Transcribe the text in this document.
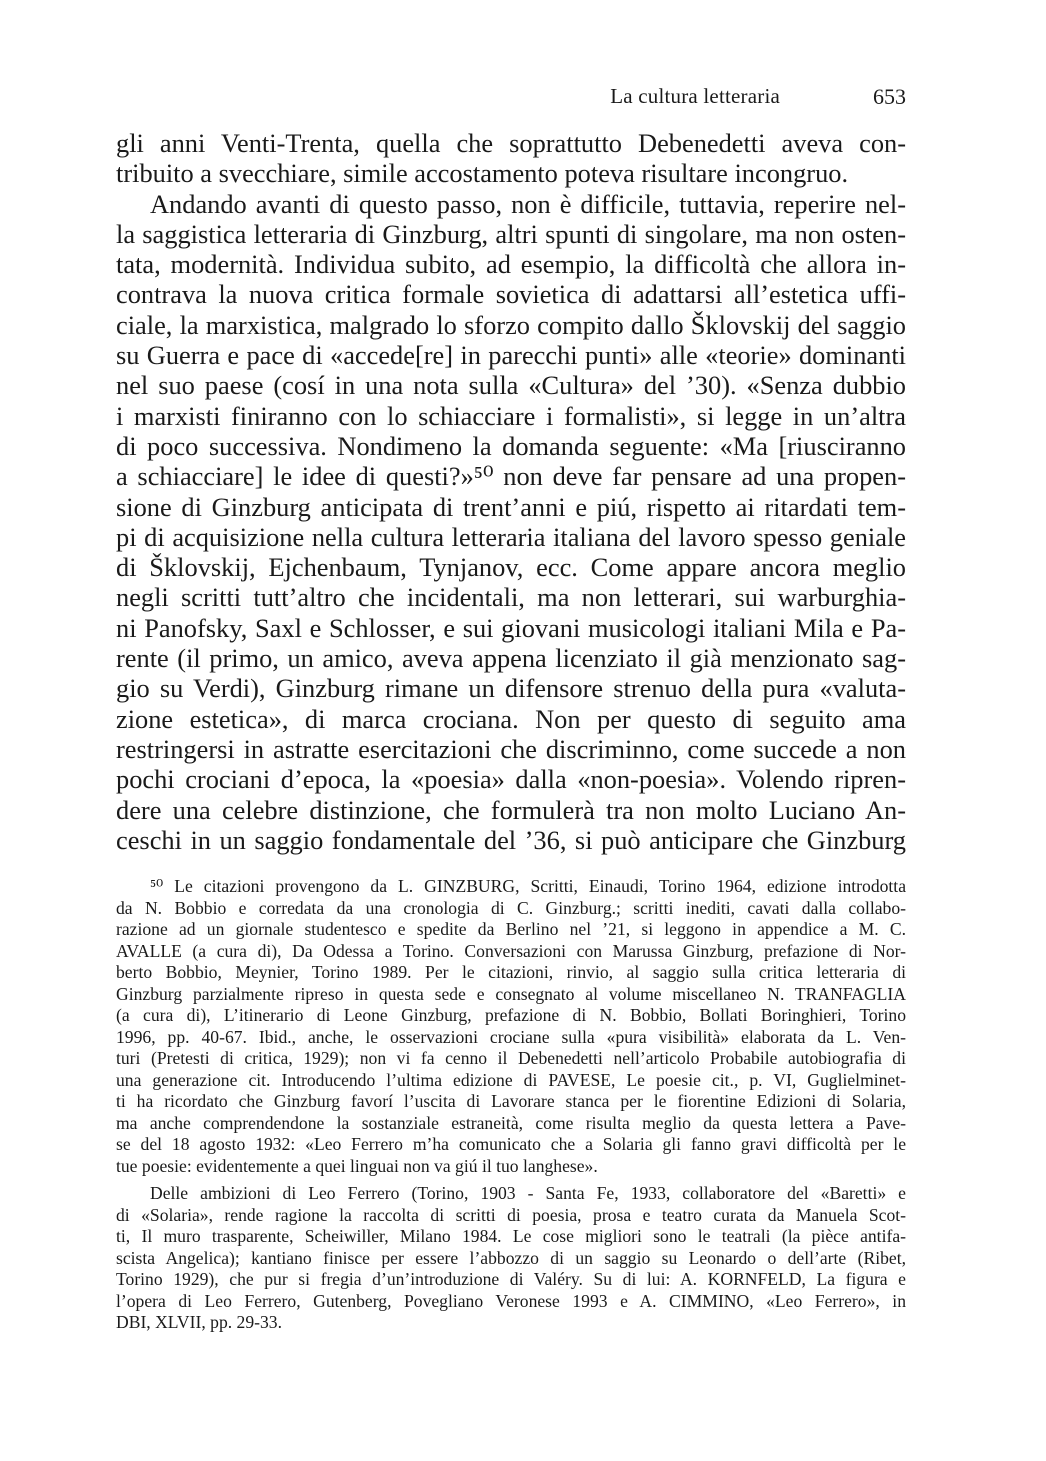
La cultura letteraria	653
gli anni Venti-Trenta, quella che soprattutto Debenedetti aveva con-
tribuito a svecchiare, simile accostamento poteva risultare incongruo.
Andando avanti di questo passo, non è difficile, tuttavia, reperire nel-
la saggistica letteraria di Ginzburg, altri spunti di singolare, ma non osten-
tata, modernità. Individua subito, ad esempio, la difficoltà che allora in-
contrava la nuova critica formale sovietica di adattarsi all’estetica uffi-
ciale, la marxistica, malgrado lo sforzo compito dallo Šklovskij del saggio
su Guerra e pace di «accede[re] in parecchi punti» alle «teorie» dominanti
nel suo paese (cosí in una nota sulla «Cultura» del ’30). «Senza dubbio
i marxisti finiranno con lo schiacciare i formalisti», si legge in un’altra
di poco successiva. Nondimeno la domanda seguente: «Ma [riusciranno
a schiacciare] le idee di questi?»⁵⁰ non deve far pensare ad una propen-
sione di Ginzburg anticipata di trent’anni e piú, rispetto ai ritardati tem-
pi di acquisizione nella cultura letteraria italiana del lavoro spesso geniale
di Šklovskij, Ejchenbaum, Tynjanov, ecc. Come appare ancora meglio
negli scritti tutt’altro che incidentali, ma non letterari, sui warburghia-
ni Panofsky, Saxl e Schlosser, e sui giovani musicologi italiani Mila e Pa-
rente (il primo, un amico, aveva appena licenziato il già menzionato sag-
gio su Verdi), Ginzburg rimane un difensore strenuo della pura «valuta-
zione estetica», di marca crociana. Non per questo di seguito ama
restringersi in astratte esercitazioni che discriminno, come succede a non
pochi crociani d’epoca, la «poesia» dalla «non-poesia». Volendo ripren-
dere una celebre distinzione, che formulerà tra non molto Luciano An-
ceschi in un saggio fondamentale del ’36, si può anticipare che Ginzburg
⁵⁰ Le citazioni provengono da L. GINZBURG, Scritti, Einaudi, Torino 1964, edizione introdotta
da N. Bobbio e corredata da una cronologia di C. Ginzburg.; scritti inediti, cavati dalla collabo-
razione ad un giornale studentesco e spedite da Berlino nel ’21, si leggono in appendice a M. C.
AVALLE (a cura di), Da Odessa a Torino. Conversazioni con Marussa Ginzburg, prefazione di Nor-
berto Bobbio, Meynier, Torino 1989. Per le citazioni, rinvio, al saggio sulla critica letteraria di
Ginzburg parzialmente ripreso in questa sede e consegnato al volume miscellaneo N. TRANFAGLIA
(a cura di), L’itinerario di Leone Ginzburg, prefazione di N. Bobbio, Bollati Boringhieri, Torino
1996, pp. 40-67. Ibid., anche, le osservazioni crociane sulla «pura visibilità» elaborata da L. Ven-
turi (Pretesti di critica, 1929); non vi fa cenno il Debenedetti nell’articolo Probabile autobiografia di
una generazione cit. Introducendo l’ultima edizione di PAVESE, Le poesie cit., p. VI, Guglielminet-
ti ha ricordato che Ginzburg favorí l’uscita di Lavorare stanca per le fiorentine Edizioni di Solaria,
ma anche comprendendone la sostanziale estraneità, come risulta meglio da questa lettera a Pave-
se del 18 agosto 1932: «Leo Ferrero m’ha comunicato che a Solaria gli fanno gravi difficoltà per le
tue poesie: evidentemente a quei linguai non va giú il tuo langhese».
Delle ambizioni di Leo Ferrero (Torino, 1903 - Santa Fe, 1933, collaboratore del «Baretti» e
di «Solaria», rende ragione la raccolta di scritti di poesia, prosa e teatro curata da Manuela Scot-
ti, Il muro trasparente, Scheiwiller, Milano 1984. Le cose migliori sono le teatrali (la pièce antifa-
scista Angelica); kantiano finisce per essere l’abbozzo di un saggio su Leonardo o dell’arte (Ribet,
Torino 1929), che pur si fregia d’un’introduzione di Valéry. Su di lui: A. KORNFELD, La figura e
l’opera di Leo Ferrero, Gutenberg, Povegliano Veronese 1993 e A. CIMMINO, «Leo Ferrero», in
DBI, XLVII, pp. 29-33.
